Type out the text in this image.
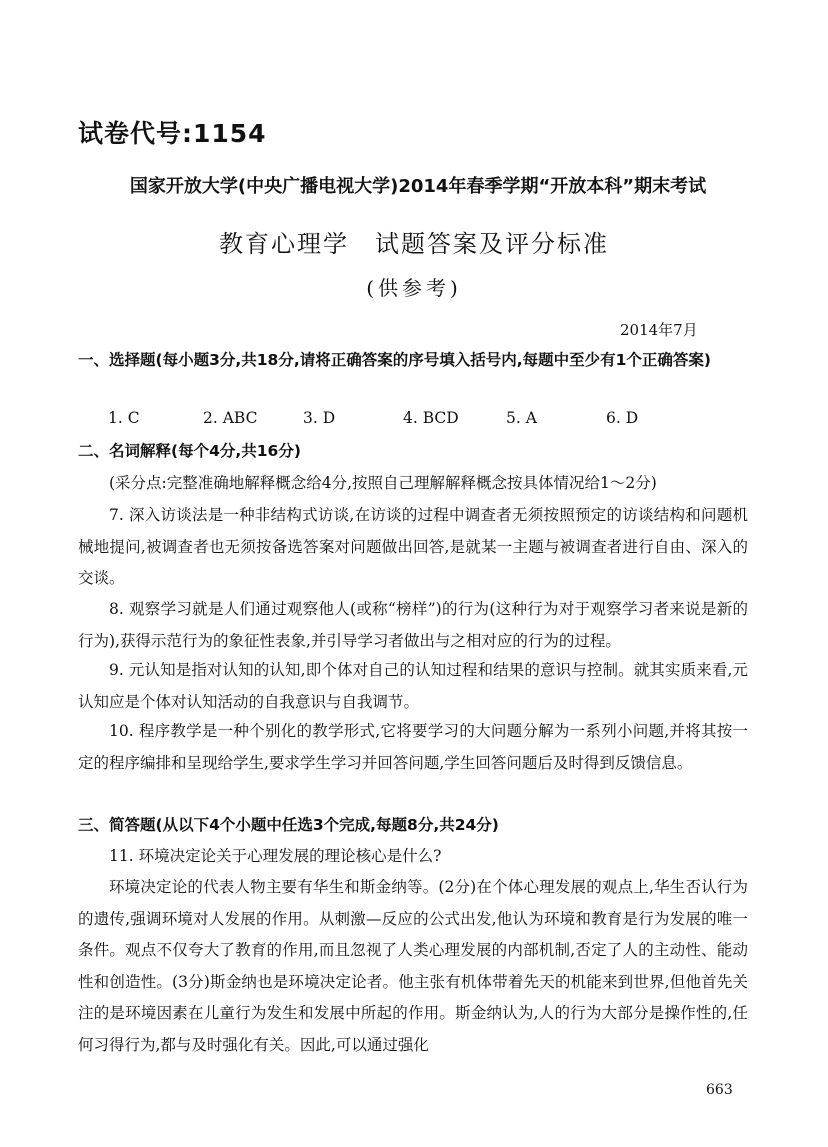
试卷代号:1154
国家开放大学(中央广播电视大学)2014年春季学期“开放本科”期末考试
教育心理学　试题答案及评分标准
(供参考)
2014年7月

一、选择题(每小题3分,共18分,请将正确答案的序号填入括号内,每题中至少有1个正确答案)

1. C	2. ABC	3. D	4. BCD	5. A	6. D

二、名词解释(每个4分,共16分)

(采分点:完整准确地解释概念给4分,按照自己理解解释概念按具体情况给1～2分)

7. 深入访谈法是一种非结构式访谈,在访谈的过程中调查者无须按照预定的访谈结构和问题机械地提问,被调查者也无须按备选答案对问题做出回答,是就某一主题与被调查者进行自由、深入的交谈。

8. 观察学习就是人们通过观察他人(或称“榜样”)的行为(这种行为对于观察学习者来说是新的行为),获得示范行为的象征性表象,并引导学习者做出与之相对应的行为的过程。

9. 元认知是指对认知的认知,即个体对自己的认知过程和结果的意识与控制。就其实质来看,元认知应是个体对认知活动的自我意识与自我调节。

10. 程序教学是一种个别化的教学形式,它将要学习的大问题分解为一系列小问题,并将其按一定的程序编排和呈现给学生,要求学生学习并回答问题,学生回答问题后及时得到反馈信息。

三、简答题(从以下4个小题中任选3个完成,每题8分,共24分)

11. 环境决定论关于心理发展的理论核心是什么?

环境决定论的代表人物主要有华生和斯金纳等。(2分)在个体心理发展的观点上,华生否认行为的遗传,强调环境对人发展的作用。从刺激—反应的公式出发,他认为环境和教育是行为发展的唯一条件。观点不仅夸大了教育的作用,而且忽视了人类心理发展的内部机制,否定了人的主动性、能动性和创造性。(3分)斯金纳也是环境决定论者。他主张有机体带着先天的机能来到世界,但他首先关注的是环境因素在儿童行为发生和发展中所起的作用。斯金纳认为,人的行为大部分是操作性的,任何习得行为,都与及时强化有关。因此,可以通过强化

663
